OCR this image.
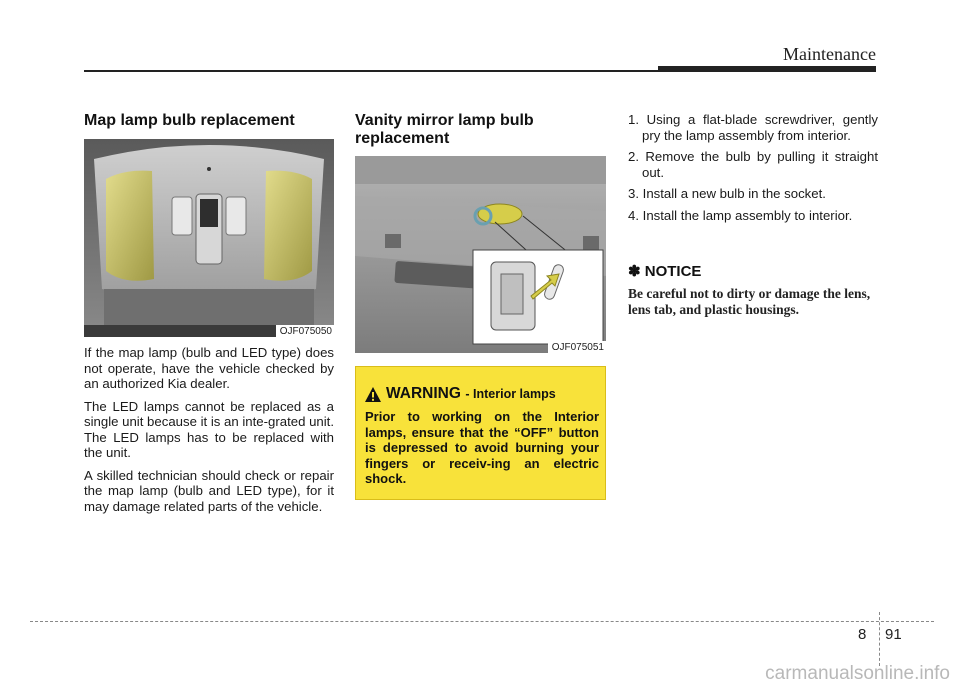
Maintenance
Map lamp bulb replacement
OJF075050

If the map lamp (bulb and LED type) does not operate, have the vehicle checked by an authorized Kia dealer.

The LED lamps cannot be replaced as a single unit because it is an inte-grated unit. The LED lamps has to be replaced with the unit.

A skilled technician should check or repair the map lamp (bulb and LED type), for it may damage related parts of the vehicle.

Vanity mirror lamp bulb
replacement
OJF075051
WARNING - Interior lamps
Prior to working on the Interior lamps, ensure that the “OFF” button is depressed to avoid burning your fingers or receiv-ing an electric shock.
1. Using a flat-blade screwdriver, gently pry the lamp assembly from interior.
2. Remove the bulb by pulling it straight out.
3. Install a new bulb in the socket.
4. Install the lamp assembly to interior.
✽ NOTICE
Be careful not to dirty or damage the lens, lens tab, and plastic housings.
8 91
carmanualsonline.info
